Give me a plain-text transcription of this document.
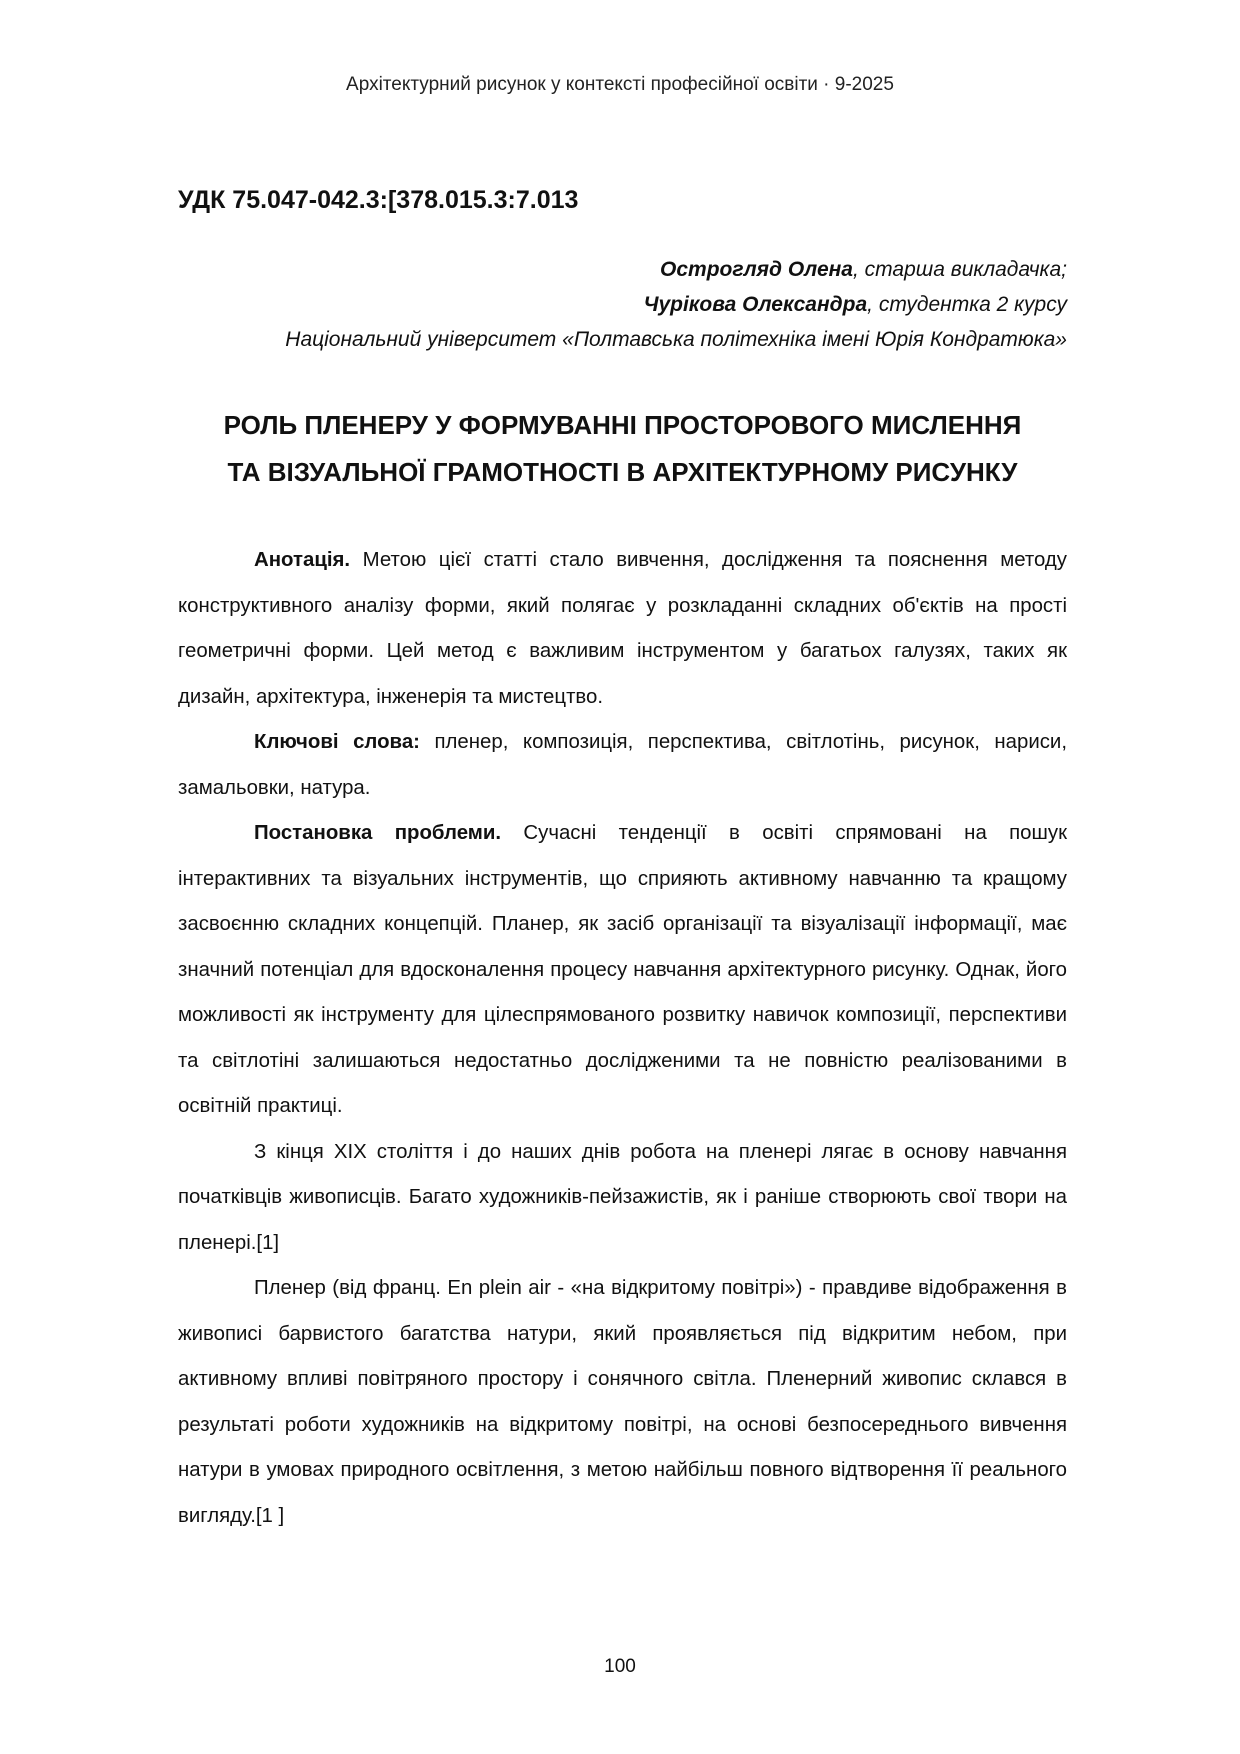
Архітектурний рисунок у контексті професійної освіти · 9-2025
УДК 75.047-042.3:[378.015.3:7.013
Острогляд Олена, старша викладачка;
Чурікова Олександра, студентка 2 курсу
Національний університет «Полтавська політехніка імені Юрія Кондратюка»
РОЛЬ ПЛЕНЕРУ У ФОРМУВАННІ ПРОСТОРОВОГО МИСЛЕННЯ
ТА ВІЗУАЛЬНОЇ ГРАМОТНОСТІ В АРХІТЕКТУРНОМУ РИСУНКУ

Анотація. Метою цієї статті стало вивчення, дослідження та пояснення методу конструктивного аналізу форми, який полягає у розкладанні складних об'єктів на прості геометричні форми. Цей метод є важливим інструментом у багатьох галузях, таких як дизайн, архітектура, інженерія та мистецтво.

Ключові слова: пленер, композиція, перспектива, світлотінь, рисунок, нариси, замальовки, натура.

Постановка проблеми. Сучасні тенденції в освіті спрямовані на пошук інтерактивних та візуальних інструментів, що сприяють активному навчанню та кращому засвоєнню складних концепцій. Планер, як засіб організації та візуалізації інформації, має значний потенціал для вдосконалення процесу навчання архітектурного рисунку. Однак, його можливості як інструменту для цілеспрямованого розвитку навичок композиції, перспективи та світлотіні залишаються недостатньо дослідженими та не повністю реалізованими в освітній практиці.

З кінця XIX століття і до наших днів робота на пленері лягає в основу навчання початківців живописців. Багато художників-пейзажистів, як і раніше створюють свої твори на пленері.[1]

Пленер (від франц. En plein air - «на відкритому повітрі») - правдиве відображення в живописі барвистого багатства натури, який проявляється під відкритим небом, при активному впливі повітряного простору і сонячного світла. Пленерний живопис склався в результаті роботи художників на відкритому повітрі, на основі безпосереднього вивчення натури в умовах природного освітлення, з метою найбільш повного відтворення її реального вигляду.[1 ]

100
